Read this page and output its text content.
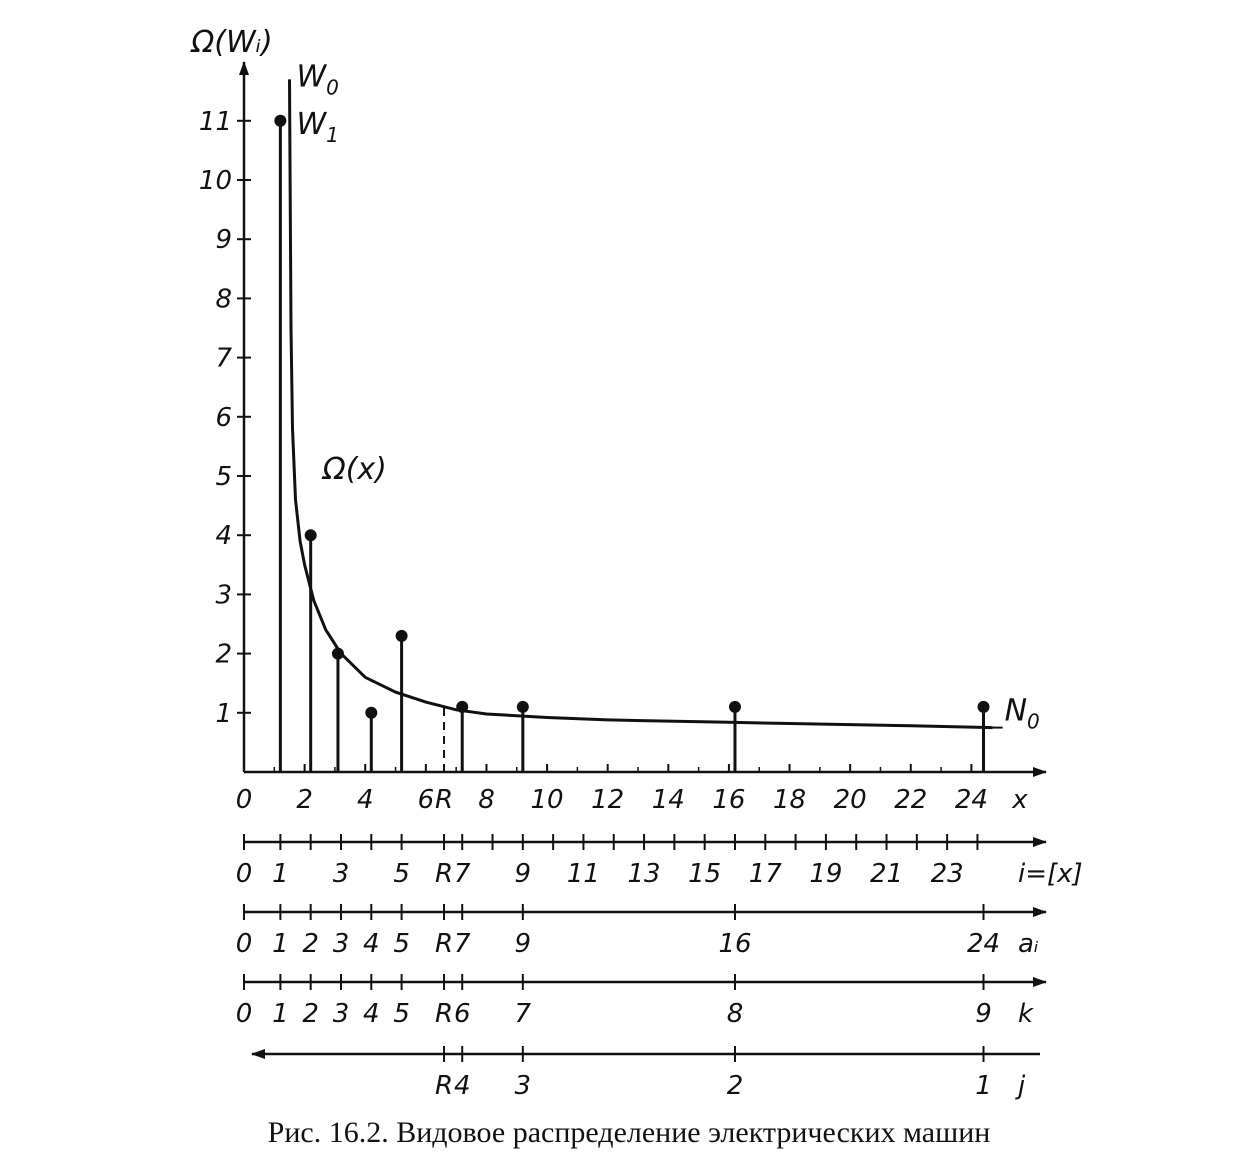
Ω(Wᵢ)
1
2
3
4
5
6
7
8
9
10
11
0 2 4 6 8 10 12 14 16 18 20 22 24
R	x
Ω(x)
$W_0$
$W_1$
$N_0$
0 1 3 5 R 7 9 11 13 15 17 19 21 23 i=[x]
0 1 2 3 4 5 R 7 9	16	24 aᵢ
0 1 2 3 4 5 R 6 7	8	9 k
R 4 3	2	1 j
Рис. 16.2. Видовое распределение электрических машин
